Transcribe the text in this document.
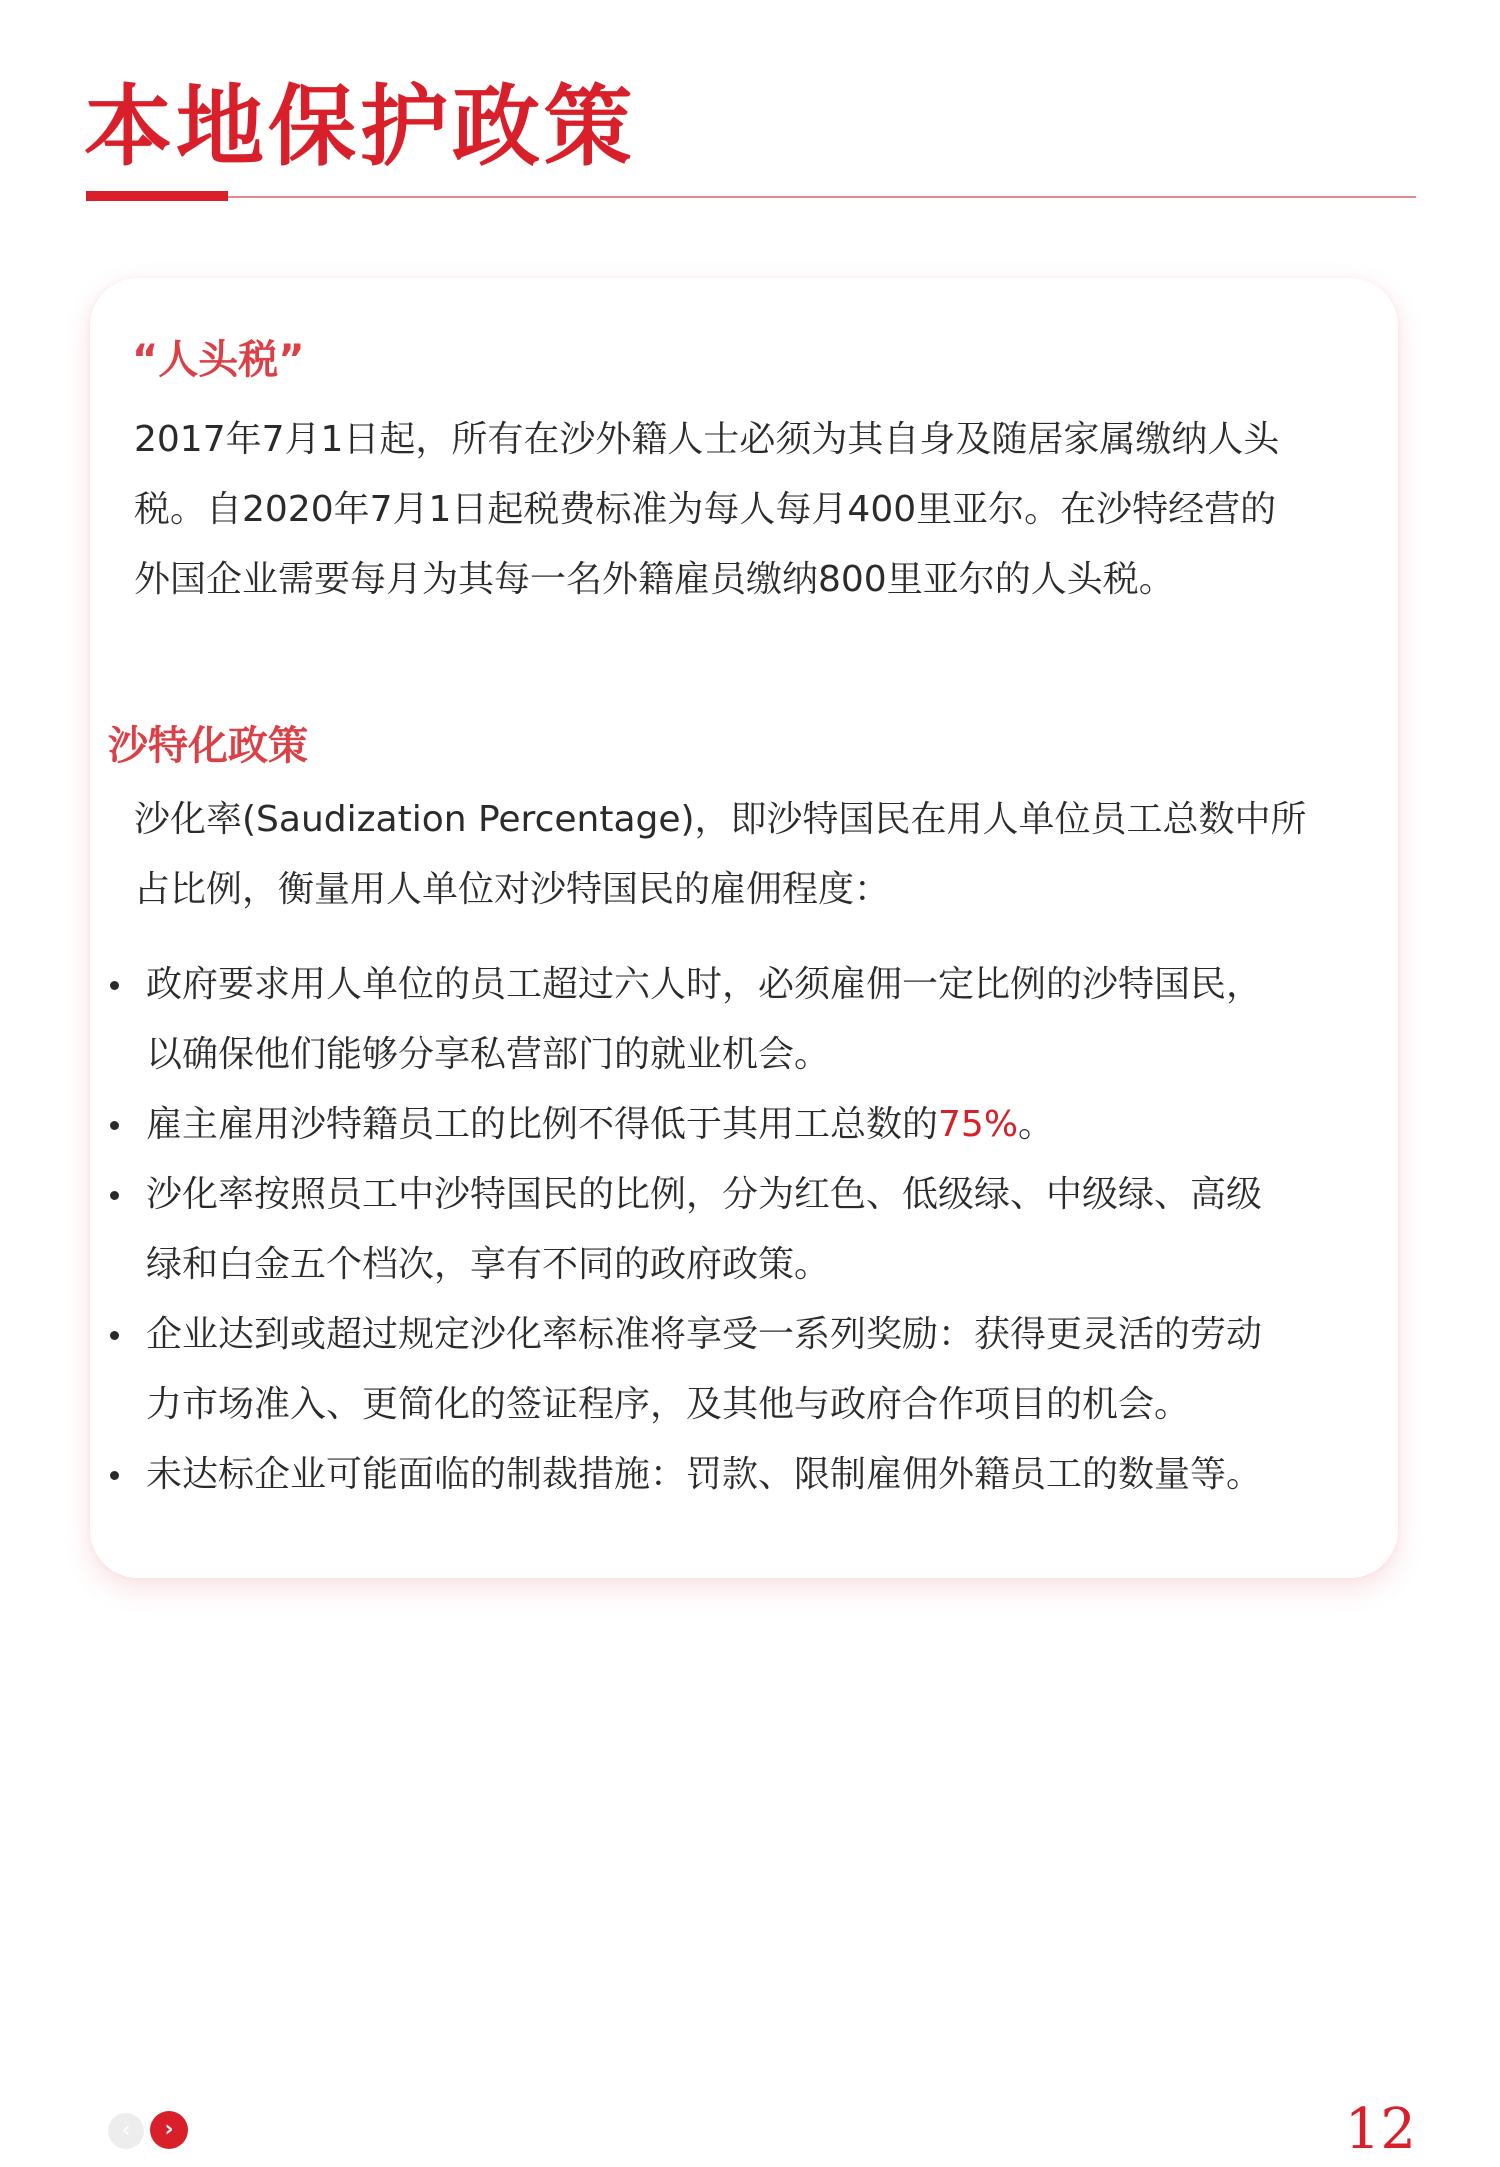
本地保护政策
“人头税”

2017年7月1日起，所有在沙外籍人士必须为其自身及随居家属缴纳人头
税。自2020年7月1日起税费标准为每人每月400里亚尔。在沙特经营的
外国企业需要每月为其每一名外籍雇员缴纳800里亚尔的人头税。

沙特化政策

沙化率(Saudization Percentage)，即沙特国民在用人单位员工总数中所
占比例，衡量用人单位对沙特国民的雇佣程度：

政府要求用人单位的员工超过六人时，必须雇佣一定比例的沙特国民，
以确保他们能够分享私营部门的就业机会。
雇主雇用沙特籍员工的比例不得低于其用工总数的75%。
沙化率按照员工中沙特国民的比例，分为红色、低级绿、中级绿、高级
绿和白金五个档次，享有不同的政府政策。
企业达到或超过规定沙化率标准将享受一系列奖励：获得更灵活的劳动
力市场准入、更简化的签证程序，及其他与政府合作项目的机会。
未达标企业可能面临的制裁措施：罚款、限制雇佣外籍员工的数量等。
‹	›	12
